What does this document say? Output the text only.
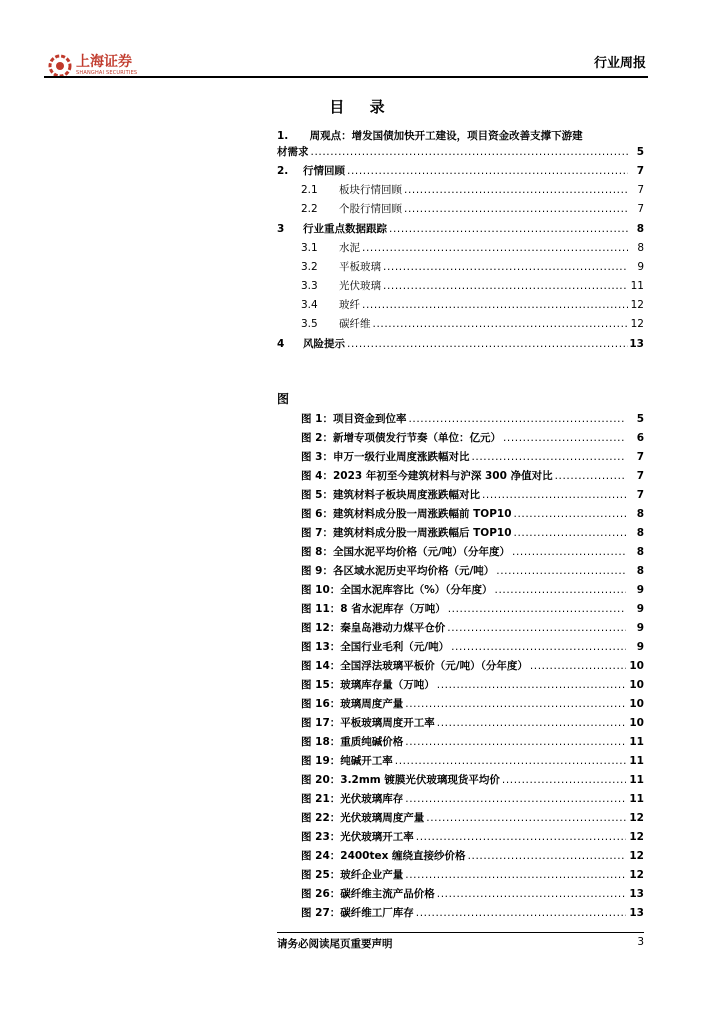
上海证券
SHANGHAI SECURITIES
行业周报
目 录
1. 周观点：增发国债加快开工建设，项目资金改善支撑下游建
材需求 .....	5
2. 行情回顾 .....	7
2.1 板块行情回顾 .....	7
2.2 个股行情回顾 .....	7
3 行业重点数据跟踪 .....	8
3.1 水泥 .....	8
3.2 平板玻璃 .....	9
3.3 光伏玻璃 .....	11
3.4 玻纤 .....	12
3.5 碳纤维 .....	12
4 风险提示 .....	13
图
图 1：项目资金到位率 .....	5
图 2：新增专项债发行节奏（单位：亿元） .....	6
图 3：申万一级行业周度涨跌幅对比 .....	7
图 4：2023 年初至今建筑材料与沪深 300 净值对比 .....	7
图 5：建筑材料子板块周度涨跌幅对比 .....	7
图 6：建筑材料成分股一周涨跌幅前 TOP10 .....	8
图 7：建筑材料成分股一周涨跌幅后 TOP10 .....	8
图 8：全国水泥平均价格（元/吨）（分年度） .....	8
图 9：各区域水泥历史平均价格（元/吨） .....	8
图 10：全国水泥库容比（%）（分年度） .....	9
图 11：8 省水泥库存（万吨） .....	9
图 12：秦皇岛港动力煤平仓价 .....	9
图 13：全国行业毛利（元/吨） .....	9
图 14：全国浮法玻璃平板价（元/吨）（分年度） .....	10
图 15：玻璃库存量（万吨） .....	10
图 16：玻璃周度产量 .....	10
图 17：平板玻璃周度开工率 .....	10
图 18：重质纯碱价格 .....	11
图 19：纯碱开工率 .....	11
图 20：3.2mm 镀膜光伏玻璃现货平均价 .....	11
图 21：光伏玻璃库存 .....	11
图 22：光伏玻璃周度产量 .....	12
图 23：光伏玻璃开工率 .....	12
图 24：2400tex 缠绕直接纱价格 .....	12
图 25：玻纤企业产量 .....	12
图 26：碳纤维主流产品价格 .....	13
图 27：碳纤维工厂库存 .....	13
请务必阅读尾页重要声明	3
